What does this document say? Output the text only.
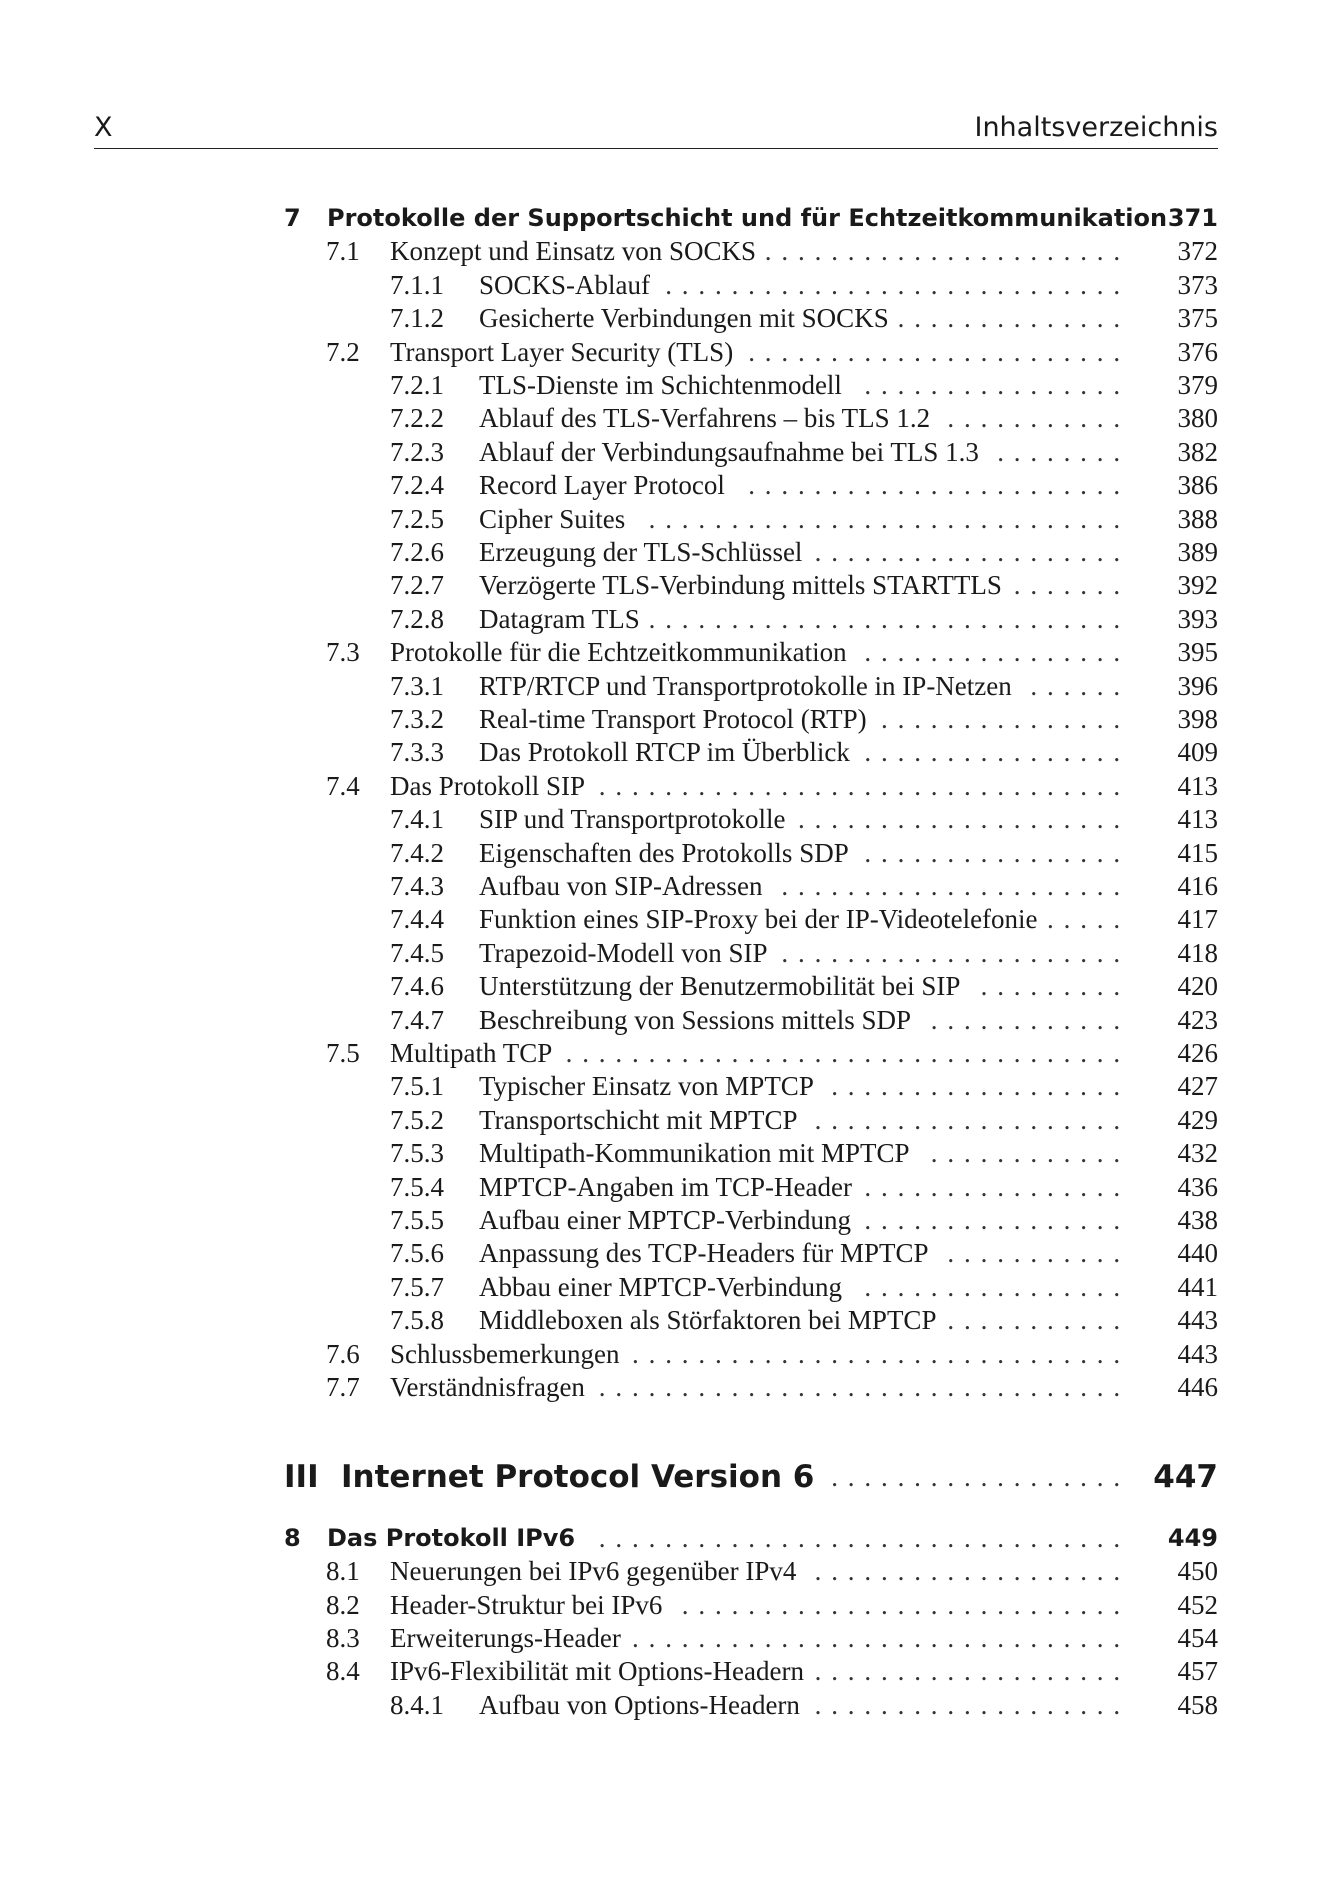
X	Inhaltsverzeichnis
7 Protokolle der Supportschicht und für Echtzeitkommunikation 371
7.1 Konzept und Einsatz von SOCKS	372
......................
7.1.1 SOCKS-Ablauf	373
............................
7.1.2 Gesicherte Verbindungen mit SOCKS	375
..............
7.2 Transport Layer Security (TLS)	376
.......................
7.2.1 TLS-Dienste im Schichtenmodell	379
................
7.2.2 Ablauf des TLS-Verfahrens – bis TLS 1.2	380
...........
7.2.3 Ablauf der Verbindungsaufnahme bei TLS 1.3	382
........
7.2.4 Record Layer Protocol	386
.......................
7.2.5 Cipher Suites	388
.............................
7.2.6 Erzeugung der TLS-Schlüssel	389
...................
7.2.7 Verzögerte TLS-Verbindung mittels STARTTLS	392
.......
7.2.8 Datagram TLS	393
.............................
7.3 Protokolle für die Echtzeitkommunikation	395
................
7.3.1 RTP/RTCP und Transportprotokolle in IP-Netzen	396
......
7.3.2 Real-time Transport Protocol (RTP)	398
...............
7.3.3 Das Protokoll RTCP im Überblick	409
................
7.4 Das Protokoll SIP	413
................................
7.4.1 SIP und Transportprotokolle	413
....................
7.4.2 Eigenschaften des Protokolls SDP	415
................
7.4.3 Aufbau von SIP-Adressen	416
.....................
7.4.4 Funktion eines SIP-Proxy bei der IP-Videotelefonie	417
.....
7.4.5 Trapezoid-Modell von SIP	418
.....................
7.4.6 Unterstützung der Benutzermobilität bei SIP	420
.........
7.4.7 Beschreibung von Sessions mittels SDP	423
............
7.5 Multipath TCP	426
..................................
7.5.1 Typischer Einsatz von MPTCP	427
..................
7.5.2 Transportschicht mit MPTCP	429
...................
7.5.3 Multipath-Kommunikation mit MPTCP	432
............
7.5.4 MPTCP-Angaben im TCP-Header	436
................
7.5.5 Aufbau einer MPTCP-Verbindung	438
................
7.5.6 Anpassung des TCP-Headers für MPTCP	440
...........
7.5.7 Abbau einer MPTCP-Verbindung	441
................
7.5.8 Middleboxen als Störfaktoren bei MPTCP	443
...........
7.6 Schlussbemerkungen	443
..............................
7.7 Verständnisfragen	446
................................
III Internet Protocol Version 6	447
..................
8 Das Protokoll IPv6	449
................................
8.1 Neuerungen bei IPv6 gegenüber IPv4	450
...................
8.2 Header-Struktur bei IPv6	452
...........................
8.3 Erweiterungs-Header	454
..............................
8.4 IPv6-Flexibilität mit Options-Headern	457
...................
8.4.1 Aufbau von Options-Headern	458
...................
